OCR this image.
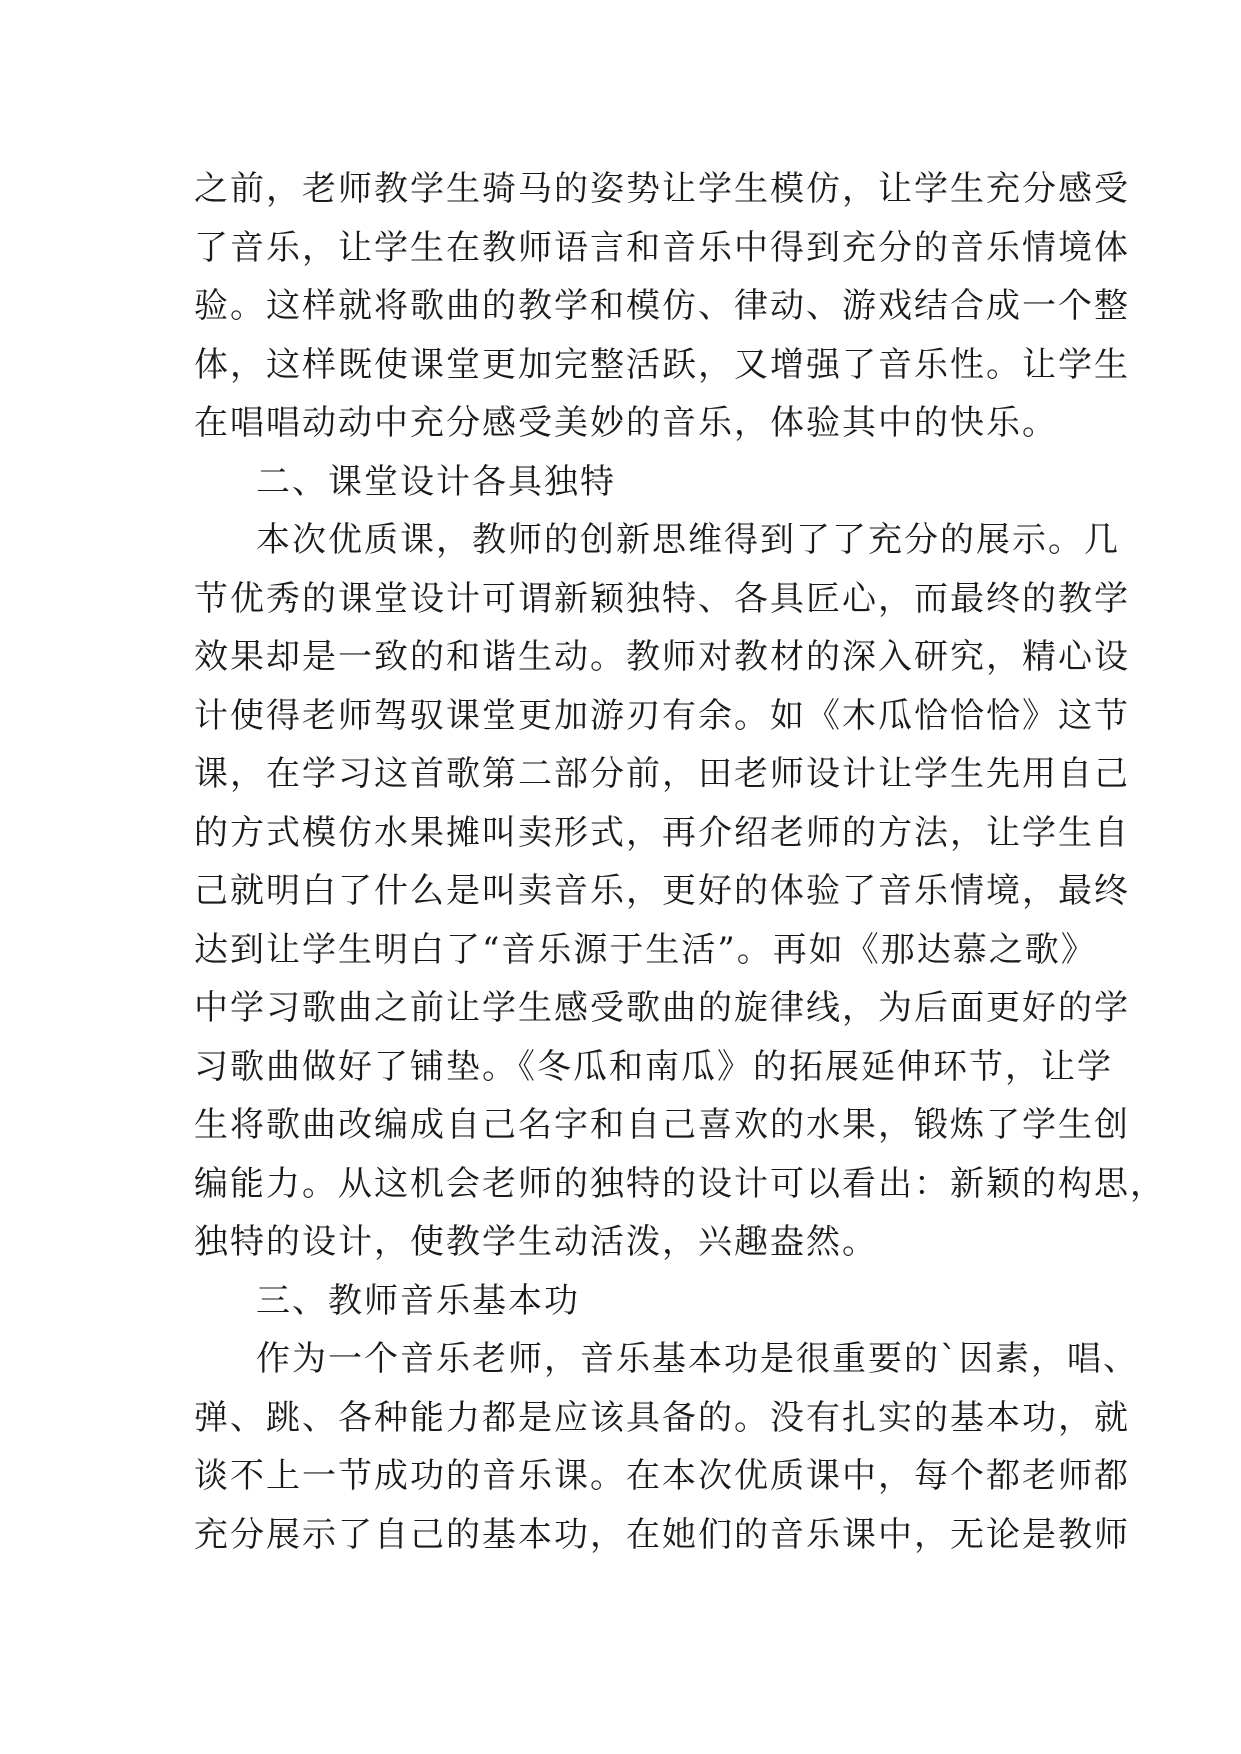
之前，老师教学生骑马的姿势让学生模仿，让学生充分感受
了音乐，让学生在教师语言和音乐中得到充分的音乐情境体
验。这样就将歌曲的教学和模仿、律动、游戏结合成一个整
体，这样既使课堂更加完整活跃，又增强了音乐性。让学生
在唱唱动动中充分感受美妙的音乐，体验其中的快乐。
二、课堂设计各具独特
本次优质课，教师的创新思维得到了了充分的展示。几
节优秀的课堂设计可谓新颖独特、各具匠心，而最终的教学
效果却是一致的和谐生动。教师对教材的深入研究，精心设
计使得老师驾驭课堂更加游刃有余。如《木瓜恰恰恰》这节
课，在学习这首歌第二部分前，田老师设计让学生先用自己
的方式模仿水果摊叫卖形式，再介绍老师的方法，让学生自
己就明白了什么是叫卖音乐，更好的体验了音乐情境，最终
达到让学生明白了“音乐源于生活”。再如《那达慕之歌》
中学习歌曲之前让学生感受歌曲的旋律线，为后面更好的学
习歌曲做好了铺垫。《冬瓜和南瓜》的拓展延伸环节，让学
生将歌曲改编成自己名字和自己喜欢的水果，锻炼了学生创
编能力。从这机会老师的独特的设计可以看出：新颖的构思，
独特的设计，使教学生动活泼，兴趣盎然。
三、教师音乐基本功
作为一个音乐老师，音乐基本功是很重要的`因素，唱、
弹、跳、各种能力都是应该具备的。没有扎实的基本功，就
谈不上一节成功的音乐课。在本次优质课中，每个都老师都
充分展示了自己的基本功，在她们的音乐课中，无论是教师
